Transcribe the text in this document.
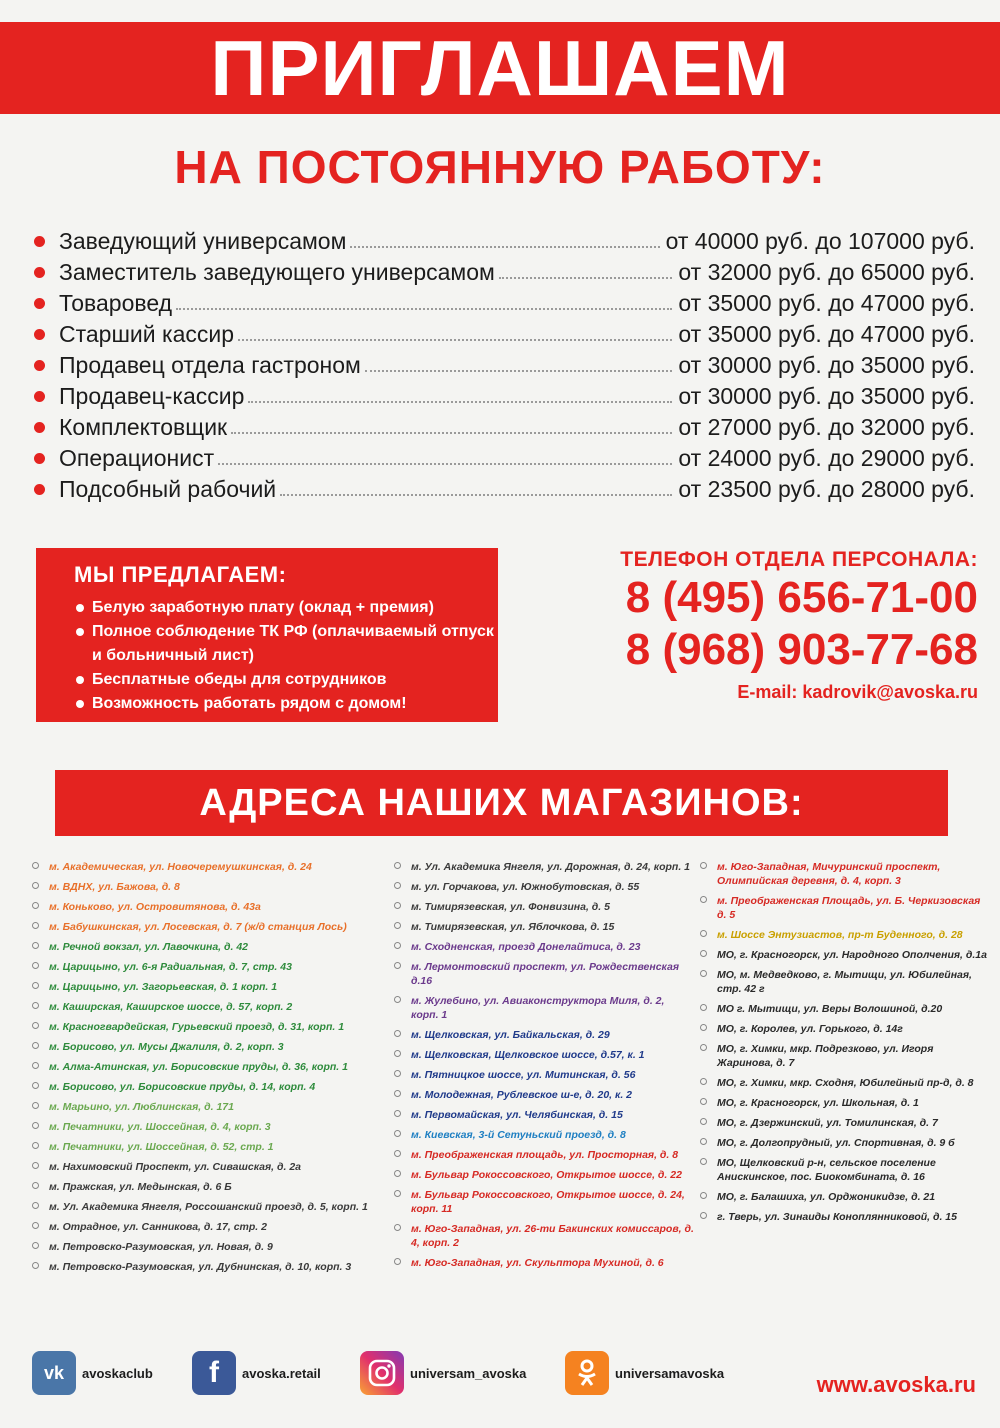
ПРИГЛАШАЕМ
НА ПОСТОЯННУЮ РАБОТУ:
Заведующий универсамом	от 40000 руб. до 107000 руб.
Заместитель заведующего универсамом	от 32000 руб. до 65000 руб.
Товаровед	от 35000 руб. до 47000 руб.
Старший кассир	от 35000 руб. до 47000 руб.
Продавец отдела гастроном	от 30000 руб. до 35000 руб.
Продавец-кассир	от 30000 руб. до 35000 руб.
Комплектовщик	от 27000 руб. до 32000 руб.
Операционист	от 24000 руб. до 29000 руб.
Подсобный рабочий	от 23500 руб. до 28000 руб.
МЫ ПРЕДЛАГАЕМ:
Белую заработную плату (оклад + премия)
Полное соблюдение ТК РФ (оплачиваемый отпуск и больничный лист)
Бесплатные обеды для сотрудников
Возможность работать рядом с домом!
ТЕЛЕФОН ОТДЕЛА ПЕРСОНАЛА:
8 (495) 656-71-00
8 (968) 903-77-68
E-mail: kadrovik@avoska.ru
АДРЕСА НАШИХ МАГАЗИНОВ:
м. Академическая, ул. Новочеремушкинская, д. 24
м. ВДНХ, ул. Бажова, д. 8
м. Коньково, ул. Островитянова, д. 43а
м. Бабушкинская, ул. Лосевская, д. 7 (ж/д станция Лось)
м. Речной вокзал, ул. Лавочкина, д. 42
м. Царицыно, ул. 6-я Радиальная, д. 7, стр. 43
м. Царицыно, ул. Загорьевская, д. 1 корп. 1
м. Каширская, Каширское шоссе, д. 57, корп. 2
м. Красногвардейская, Гурьевский проезд, д. 31, корп. 1
м. Борисово, ул. Мусы Джалиля, д. 2, корп. 3
м. Алма-Атинская, ул. Борисовские пруды, д. 36, корп. 1
м. Борисово, ул. Борисовские пруды, д. 14, корп. 4
м. Марьино, ул. Люблинская, д. 171
м. Печатники, ул. Шоссейная, д. 4, корп. 3
м. Печатники, ул. Шоссейная, д. 52, стр. 1
м. Нахимовский Проспект, ул. Сивашская, д. 2а
м. Пражская, ул. Медынская, д. 6 Б
м. Ул. Академика Янгеля, Россошанский проезд, д. 5, корп. 1
м. Отрадное, ул. Санникова, д. 17, стр. 2
м. Петровско-Разумовская, ул. Новая, д. 9
м. Петровско-Разумовская, ул. Дубнинская, д. 10, корп. 3
м. Ул. Академика Янгеля, ул. Дорожная, д. 24, корп. 1
м. ул. Горчакова, ул. Южнобутовская, д. 55
м. Тимирязевская, ул. Фонвизина, д. 5
м. Тимирязевская, ул. Яблочкова, д. 15
м. Сходненская, проезд Донелайтиса, д. 23
м. Лермонтовский проспект, ул. Рождественская д.16
м. Жулебино, ул. Авиаконструктора Миля, д. 2, корп. 1
м. Щелковская, ул. Байкальская, д. 29
м. Щелковская, Щелковское шоссе, д.57, к. 1
м. Пятницкое шоссе, ул. Митинская, д. 56
м. Молодежная, Рублевское ш-е, д. 20, к. 2
м. Первомайская, ул. Челябинская, д. 15
м. Киевская, 3-й Сетуньский проезд, д. 8
м. Преображенская площадь, ул. Просторная, д. 8
м. Бульвар Рокоссовского, Открытое шоссе, д. 22
м. Бульвар Рокоссовского, Открытое шоссе, д. 24, корп. 11
м. Юго-Западная, ул. 26-ти Бакинских комиссаров, д. 4, корп. 2
м. Юго-Западная, ул. Скульптора Мухиной, д. 6
м. Юго-Западная, Мичуринский проспект, Олимпийская деревня, д. 4, корп. 3
м. Преображенская Площадь, ул. Б. Черкизовская д. 5
м. Шоссе Энтузиастов, пр-т Буденного, д. 28
МО, г. Красногорск, ул. Народного Ополчения, д.1а
МО, м. Медведково, г. Мытищи, ул. Юбилейная, стр. 42 г
МО г. Мытищи, ул. Веры Волошиной, д.20
МО, г. Королев, ул. Горького, д. 14г
МО, г. Химки, мкр. Подрезково, ул. Игоря Жаринова, д. 7
МО, г. Химки, мкр. Сходня, Юбилейный пр-д, д. 8
МО, г. Красногорск, ул. Школьная, д. 1
МО, г. Дзержинский, ул. Томилинская, д. 7
МО, г. Долгопрудный, ул. Спортивная, д. 9 б
МО, Щелковский р-н, сельское поселение Анискинское, пос. Биокомбината, д. 16
МО, г. Балашиха, ул. Орджоникидзе, д. 21
г. Тверь, ул. Зинаиды Коноплянниковой, д. 15
vk	avoskaclub	f	avoska.retail	universam_avoska	universamavoska	www.avoska.ru
